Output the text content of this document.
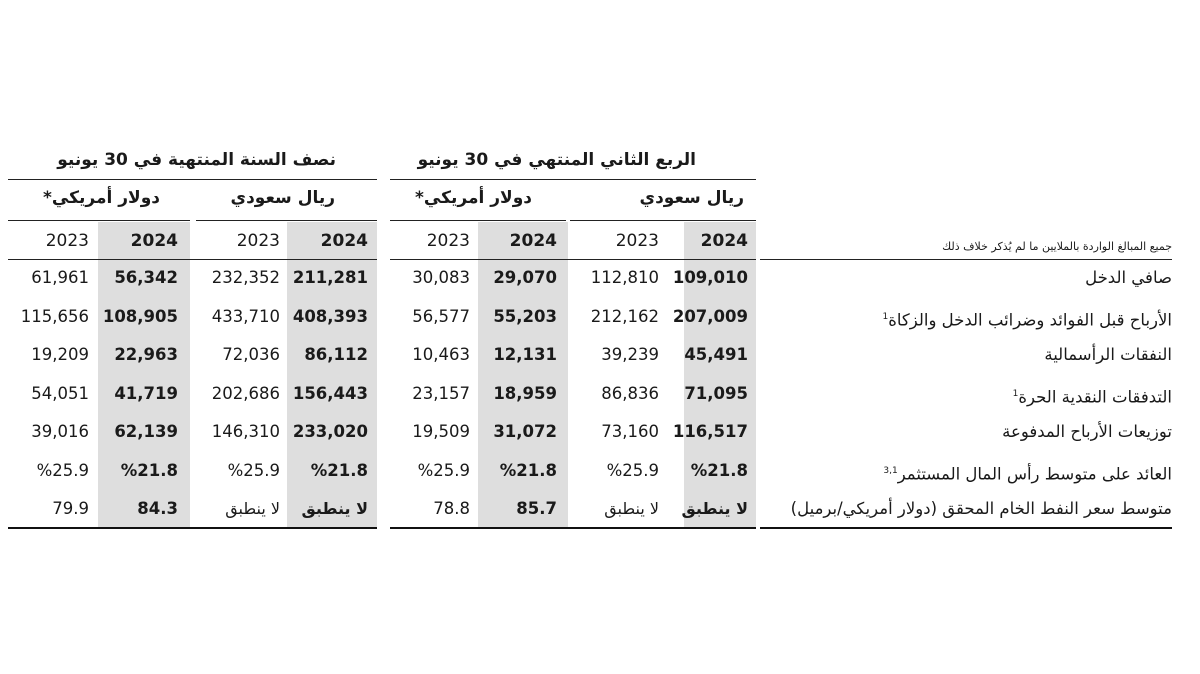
الربع الثاني المنتهي في 30 يونيو
نصف السنة المنتهية في 30 يونيو
ريال سعودي
دولار أمريكي*
ريال سعودي
دولار أمريكي*
2024
2023
2024
2023
2024
2023
2024
2023	جميع المبالغ الواردة بالملايين ما لم يُذكر خلاف ذلك
صافي الدخل
109,010
112,810
29,070
30,083
211,281
232,352
56,342
61,961
الأرباح قبل الفوائد وضرائب الدخل والزكاة$^1$
207,009
212,162
55,203
56,577
408,393
433,710
108,905
115,656
النفقات الرأسمالية
45,491
39,239
12,131
10,463
86,112
72,036
22,963
19,209
التدفقات النقدية الحرة$^1$
71,095
86,836
18,959
23,157
156,443
202,686
41,719
54,051
توزيعات الأرباح المدفوعة
116,517
73,160
31,072
19,509
233,020
146,310
62,139
39,016
العائد على متوسط رأس المال المستثمر$^{3,1}$
%21.8
%25.9
%21.8
%25.9
%21.8
%25.9
%21.8
%25.9
متوسط سعر النفط الخام المحقق (دولار أمريكي/برميل)
لا ينطبق
لا ينطبق
85.7
78.8
لا ينطبق
لا ينطبق
84.3
79.9
